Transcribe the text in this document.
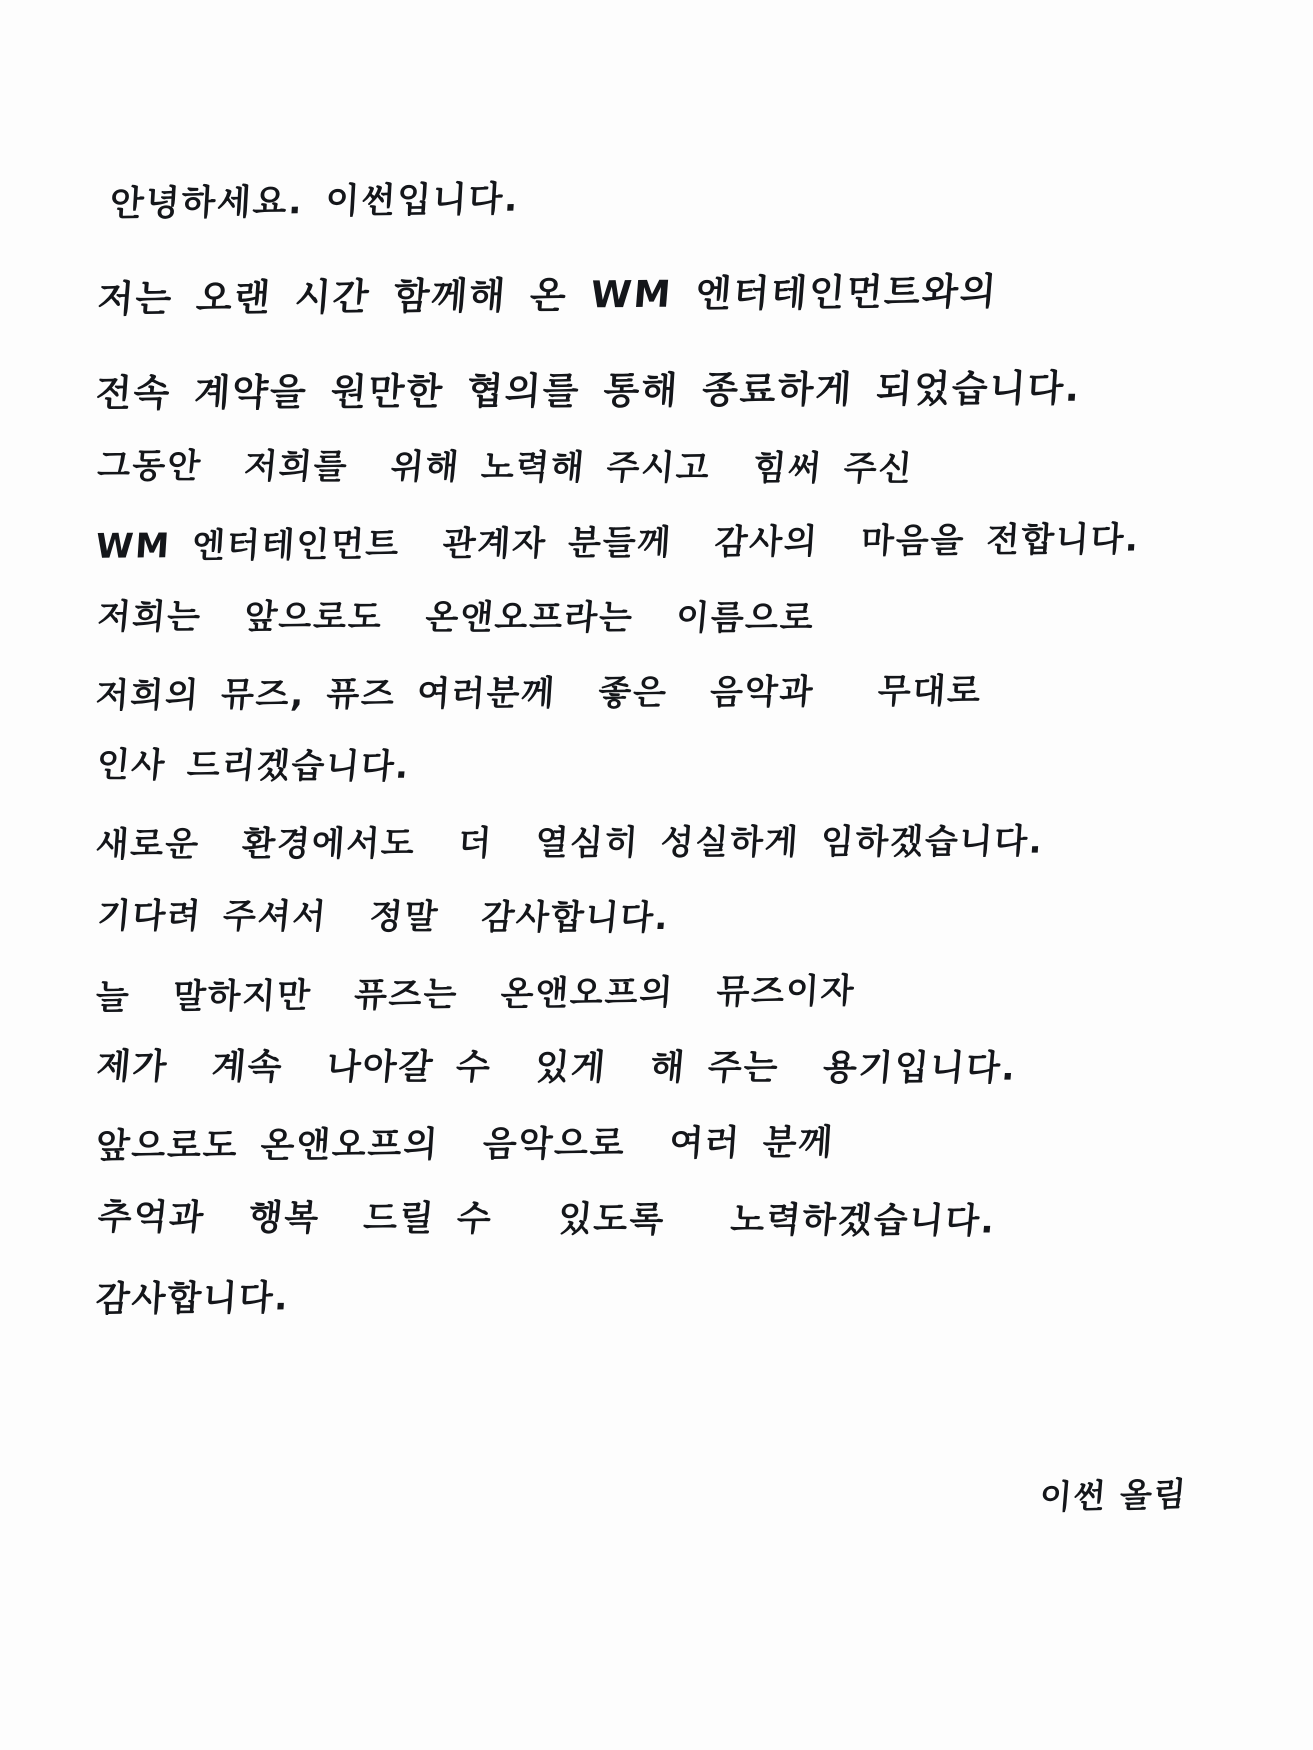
안녕하세요. 이썬입니다.
저는 오랜 시간 함께해 온 WM 엔터테인먼트와의
전속 계약을 원만한 협의를 통해 종료하게 되었습니다.
그동안  저희를  위해 노력해 주시고  힘써 주신
WM 엔터테인먼트  관계자 분들께  감사의  마음을 전합니다.
저희는  앞으로도  온앤오프라는  이름으로
저희의 뮤즈, 퓨즈 여러분께  좋은  음악과   무대로
인사 드리겠습니다.
새로운  환경에서도  더  열심히 성실하게 임하겠습니다.
기다려 주셔서  정말  감사합니다.
늘  말하지만  퓨즈는  온앤오프의  뮤즈이자
제가  계속  나아갈 수  있게  해 주는  용기입니다.
앞으로도 온앤오프의  음악으로  여러 분께
추억과  행복  드릴 수   있도록   노력하겠습니다.
감사합니다.
이썬 올림
